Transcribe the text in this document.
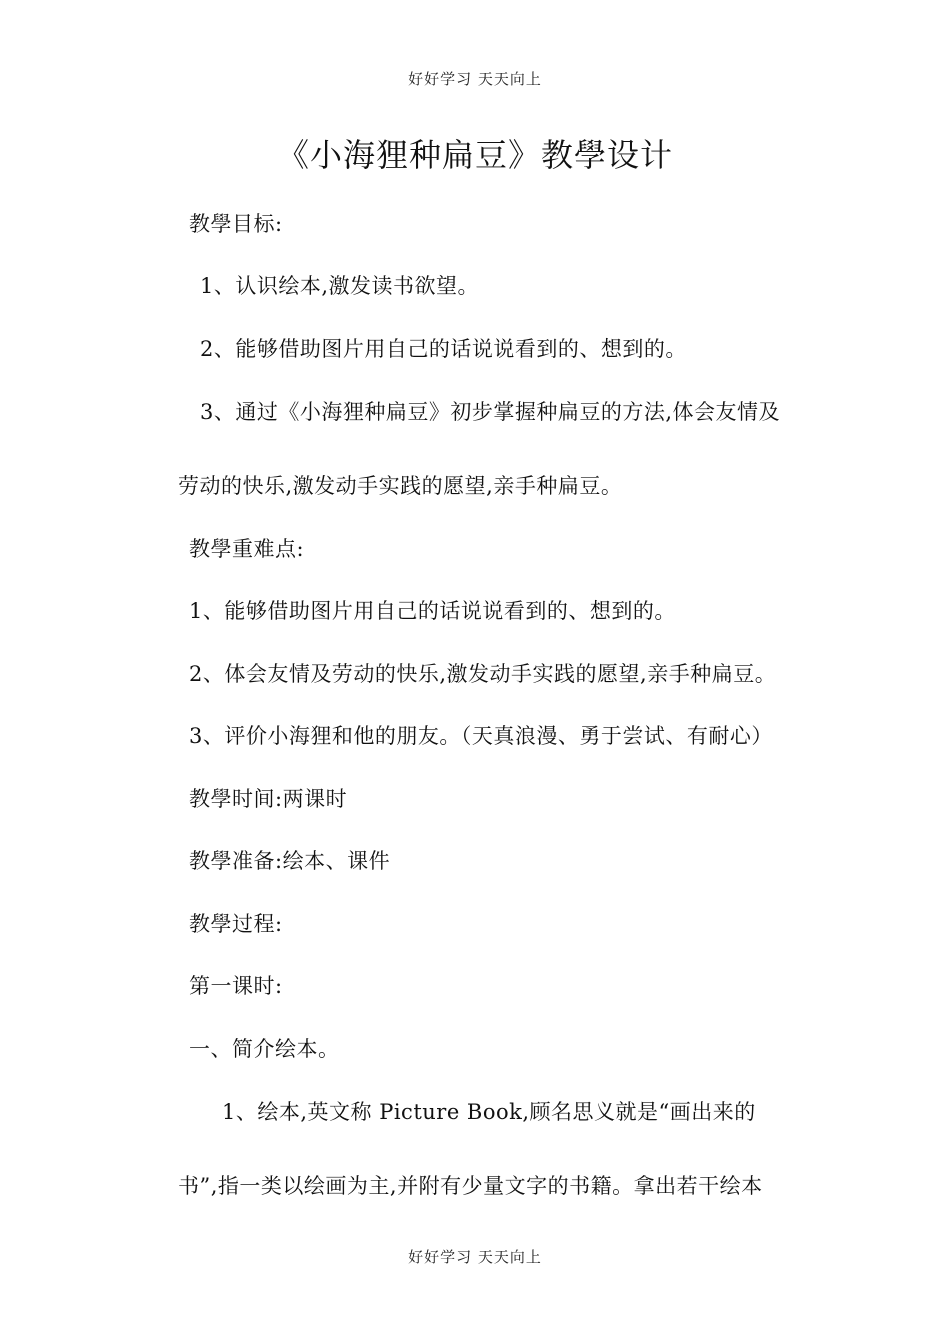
好好学习 天天向上
《小海狸种扁豆》教學设计
教學目标:
1、认识绘本,激发读书欲望。
2、能够借助图片用自己的话说说看到的、想到的。
3、通过《小海狸种扁豆》初步掌握种扁豆的方法,体会友情及
劳动的快乐,激发动手实践的愿望,亲手种扁豆。
教學重难点:
1、能够借助图片用自己的话说说看到的、想到的。
2、体会友情及劳动的快乐,激发动手实践的愿望,亲手种扁豆。
3、评价小海狸和他的朋友。（天真浪漫、勇于尝试、有耐心）
教學时间:两课时
教學准备:绘本、课件
教學过程:
第一课时:
一、简介绘本。
1、绘本,英文称 Picture Book,顾名思义就是“画出来的
书”,指一类以绘画为主,并附有少量文字的书籍。拿出若干绘本
好好学习 天天向上
